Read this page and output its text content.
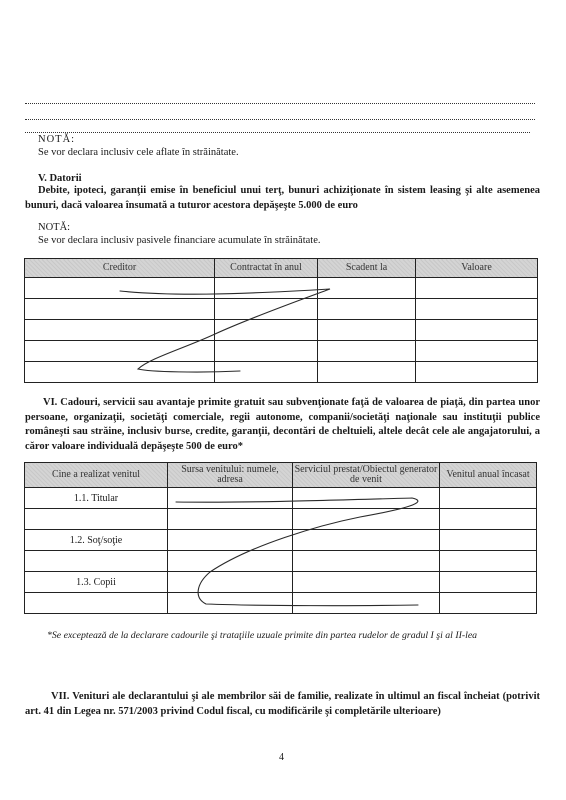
NOTĂ:
Se vor declara inclusiv cele aflate în străinătate.
V. Datorii
Debite, ipoteci, garanţii emise în beneficiul unui terţ, bunuri achiziţionate în sistem leasing şi alte asemenea bunuri, dacă valoarea însumată a tuturor acestora depăşeşte 5.000 de euro
NOTĂ:
Se vor declara inclusiv pasivele financiare acumulate în străinătate.
Creditor	Contractat în anul	Scadent la	Valoare

VI. Cadouri, servicii sau avantaje primite gratuit sau subvenţionate faţă de valoarea de piaţă, din partea unor persoane, organizaţii, societăţi comerciale, regii autonome, companii/societăţi naţionale sau instituţii publice româneşti sau străine, inclusiv burse, credite, garanţii, decontări de cheltuieli, altele decât cele ale angajatorului, a căror valoare individuală depăşeşte 500 de euro*
Cine a realizat venitul	Sursa venitului: numele, adresa	Serviciul prestat/Obiectul generator de venit	Venitul anual încasat
1.1. Titular			

1.2. Soţ/soţie			

1.3. Copii			

*Se exceptează de la declarare cadourile şi trataţiile uzuale primite din partea rudelor de gradul I şi al II-lea
VII. Venituri ale declarantului şi ale membrilor săi de familie, realizate în ultimul an fiscal încheiat (potrivit art. 41 din Legea nr. 571/2003 privind Codul fiscal, cu modificările şi completările ulterioare)
4
